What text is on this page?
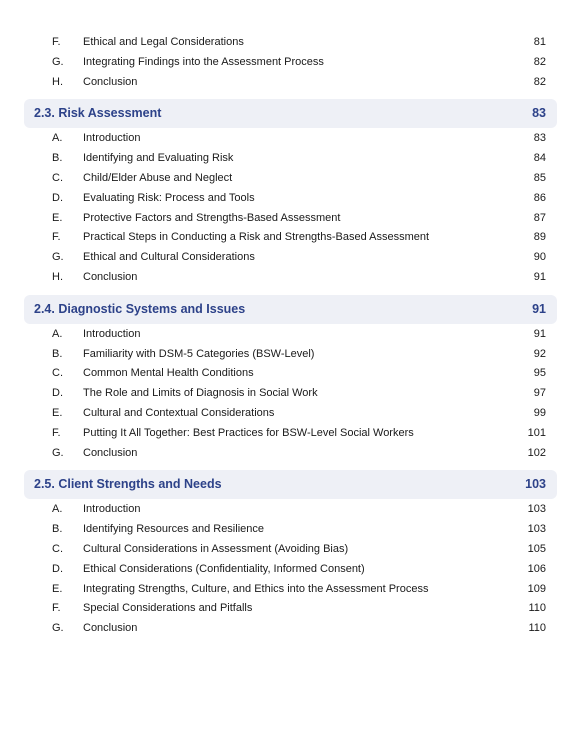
F. Ethical and Legal Considerations	81
G. Integrating Findings into the Assessment Process	82
H. Conclusion	82
2.3. Risk Assessment	83
A. Introduction	83
B. Identifying and Evaluating Risk	84
C. Child/Elder Abuse and Neglect	85
D. Evaluating Risk: Process and Tools	86
E. Protective Factors and Strengths-Based Assessment	87
F. Practical Steps in Conducting a Risk and Strengths-Based Assessment	89
G. Ethical and Cultural Considerations	90
H. Conclusion	91
2.4. Diagnostic Systems and Issues	91
A. Introduction	91
B. Familiarity with DSM-5 Categories (BSW-Level)	92
C. Common Mental Health Conditions	95
D. The Role and Limits of Diagnosis in Social Work	97
E. Cultural and Contextual Considerations	99
F. Putting It All Together: Best Practices for BSW-Level Social Workers	101
G. Conclusion	102
2.5. Client Strengths and Needs	103
A. Introduction	103
B. Identifying Resources and Resilience	103
C. Cultural Considerations in Assessment (Avoiding Bias)	105
D. Ethical Considerations (Confidentiality, Informed Consent)	106
E. Integrating Strengths, Culture, and Ethics into the Assessment Process	109
F. Special Considerations and Pitfalls	110
G. Conclusion	110
